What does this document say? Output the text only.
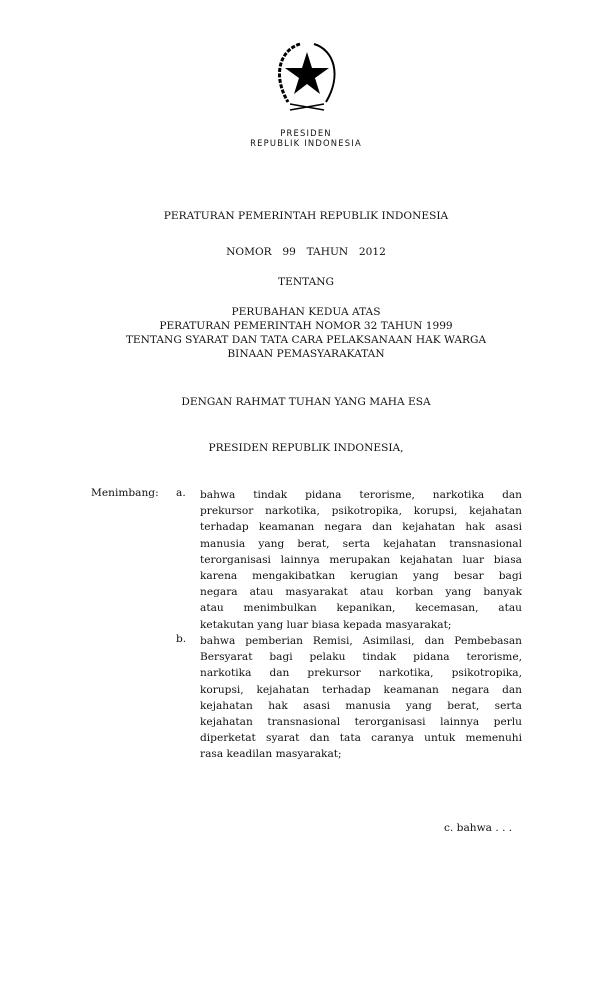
PRESIDEN
REPUBLIK INDONESIA
PERATURAN PEMERINTAH REPUBLIK INDONESIA
NOMOR  99  TAHUN  2012
TENTANG
PERUBAHAN KEDUA ATAS
PERATURAN PEMERINTAH NOMOR 32 TAHUN 1999
TENTANG SYARAT DAN TATA CARA PELAKSANAAN HAK WARGA
BINAAN PEMASYARAKATAN
DENGAN RAHMAT TUHAN YANG MAHA ESA
PRESIDEN REPUBLIK INDONESIA,
Menimbang: a. bahwa tindak pidana terorisme, narkotika dan
prekursor narkotika, psikotropika, korupsi, kejahatan
terhadap keamanan negara dan kejahatan hak asasi
manusia yang berat, serta kejahatan transnasional
terorganisasi lainnya merupakan kejahatan luar biasa
karena mengakibatkan kerugian yang besar bagi
negara atau masyarakat atau korban yang banyak
atau menimbulkan kepanikan, kecemasan, atau
ketakutan yang luar biasa kepada masyarakat;
b. bahwa pemberian Remisi, Asimilasi, dan Pembebasan
Bersyarat bagi pelaku tindak pidana terorisme,
narkotika dan prekursor narkotika, psikotropika,
korupsi, kejahatan terhadap keamanan negara dan
kejahatan hak asasi manusia yang berat, serta
kejahatan transnasional terorganisasi lainnya perlu
diperketat syarat dan tata caranya untuk memenuhi
rasa keadilan masyarakat;
c. bahwa . . .
